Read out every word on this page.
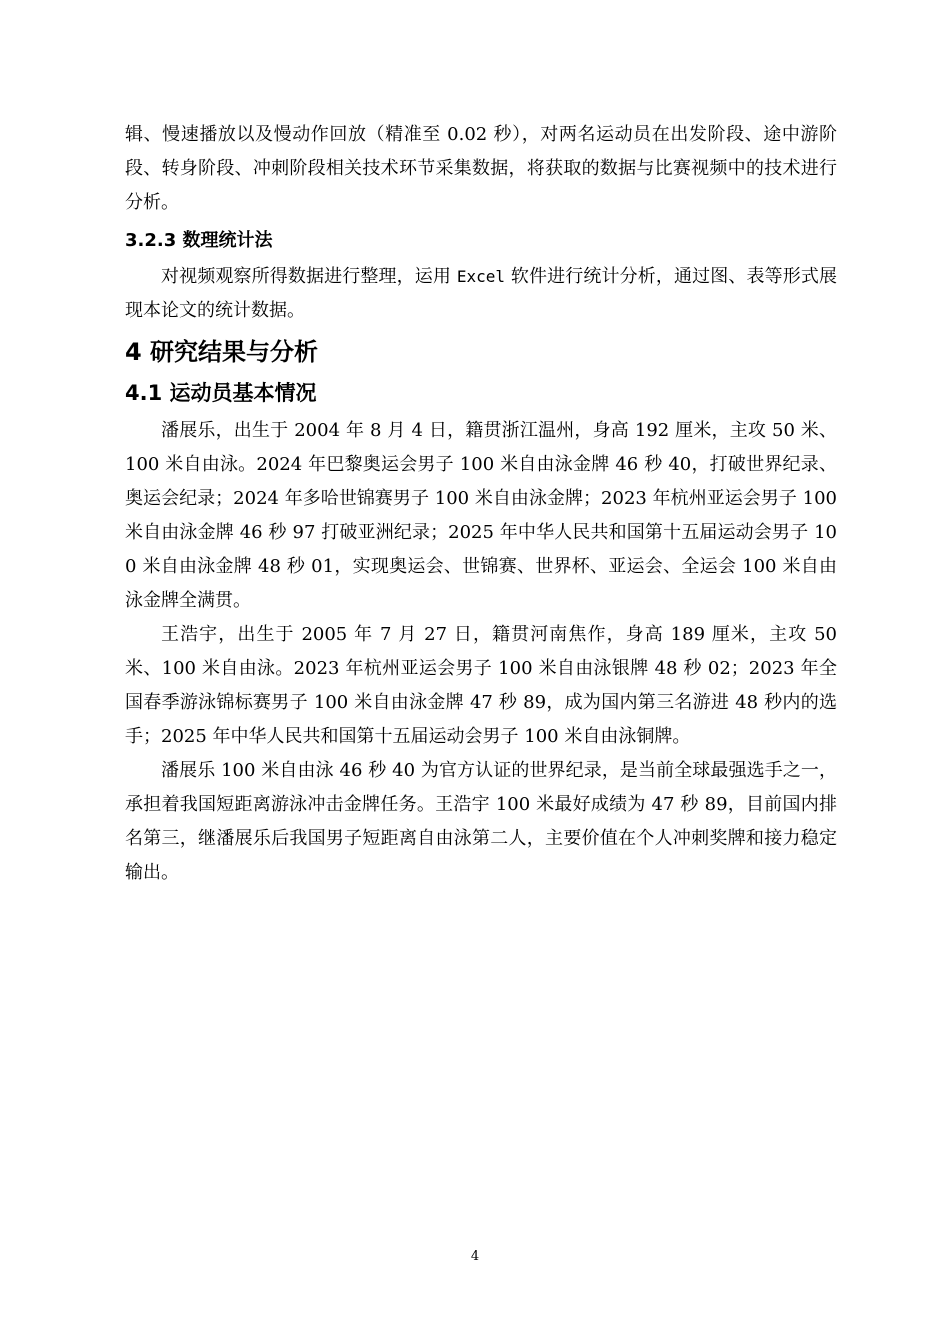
辑、慢速播放以及慢动作回放（精准至 0.02 秒），对两名运动员在出发阶段、途中游阶段、转身阶段、冲刺阶段相关技术环节采集数据，将获取的数据与比赛视频中的技术进行分析。

3.2.3 数理统计法

对视频观察所得数据进行整理，运用 Excel 软件进行统计分析，通过图、表等形式展现本论文的统计数据。

4 研究结果与分析
4.1 运动员基本情况

潘展乐，出生于 2004 年 8 月 4 日，籍贯浙江温州，身高 192 厘米，主攻 50 米、100 米自由泳。2024 年巴黎奥运会男子 100 米自由泳金牌 46 秒 40，打破世界纪录、奥运会纪录；2024 年多哈世锦赛男子 100 米自由泳金牌；2023 年杭州亚运会男子 100 米自由泳金牌 46 秒 97 打破亚洲纪录；2025 年中华人民共和国第十五届运动会男子 100 米自由泳金牌 48 秒 01，实现奥运会、世锦赛、世界杯、亚运会、全运会 100 米自由泳金牌全满贯。

王浩宇，出生于 2005 年 7 月 27 日，籍贯河南焦作，身高 189 厘米，主攻 50 米、100 米自由泳。2023 年杭州亚运会男子 100 米自由泳银牌 48 秒 02；2023 年全国春季游泳锦标赛男子 100 米自由泳金牌 47 秒 89，成为国内第三名游进 48 秒内的选手；2025 年中华人民共和国第十五届运动会男子 100 米自由泳铜牌。

潘展乐 100 米自由泳 46 秒 40 为官方认证的世界纪录，是当前全球最强选手之一，承担着我国短距离游泳冲击金牌任务。王浩宇 100 米最好成绩为 47 秒 89，目前国内排名第三，继潘展乐后我国男子短距离自由泳第二人，主要价值在个人冲刺奖牌和接力稳定输出。

4
